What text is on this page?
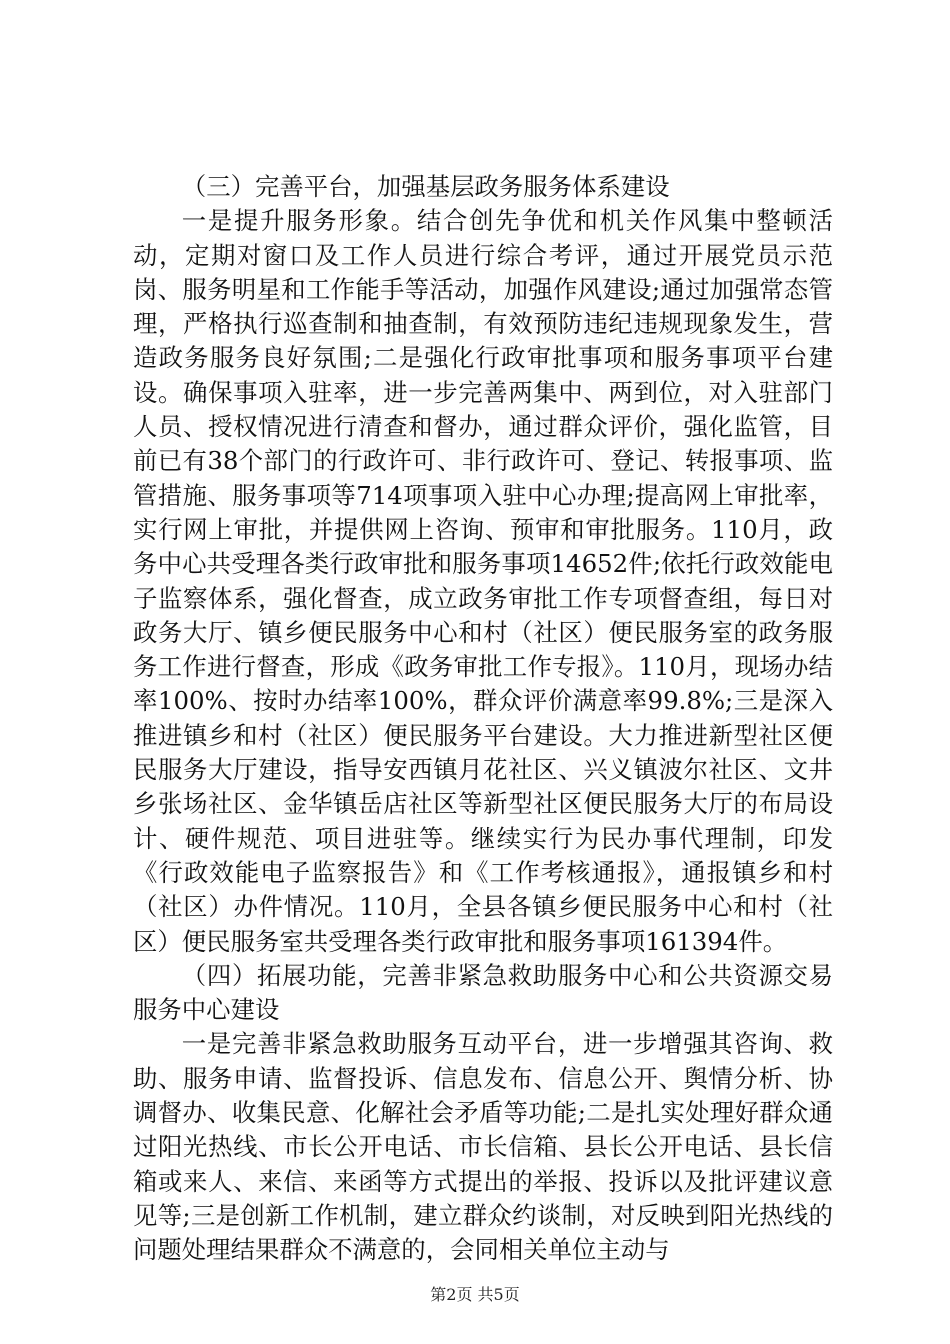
（三）完善平台，加强基层政务服务体系建设

一是提升服务形象。结合创先争优和机关作风集中整顿活动，定期对窗口及工作人员进行综合考评，通过开展党员示范岗、服务明星和工作能手等活动，加强作风建设;通过加强常态管理，严格执行巡查制和抽查制，有效预防违纪违规现象发生，营造政务服务良好氛围;二是强化行政审批事项和服务事项平台建设。确保事项入驻率，进一步完善两集中、两到位，对入驻部门人员、授权情况进行清查和督办，通过群众评价，强化监管，目前已有38个部门的行政许可、非行政许可、登记、转报事项、监管措施、服务事项等714项事项入驻中心办理;提高网上审批率，实行网上审批，并提供网上咨询、预审和审批服务。110月，政务中心共受理各类行政审批和服务事项14652件;依托行政效能电子监察体系，强化督查，成立政务审批工作专项督查组，每日对政务大厅、镇乡便民服务中心和村（社区）便民服务室的政务服务工作进行督查，形成《政务审批工作专报》。110月，现场办结率100%、按时办结率100%，群众评价满意率99.8%;三是深入推进镇乡和村（社区）便民服务平台建设。大力推进新型社区便民服务大厅建设，指导安西镇月花社区、兴义镇波尔社区、文井乡张场社区、金华镇岳店社区等新型社区便民服务大厅的布局设计、硬件规范、项目进驻等。继续实行为民办事代理制，印发《行政效能电子监察报告》和《工作考核通报》，通报镇乡和村（社区）办件情况。110月，全县各镇乡便民服务中心和村（社区）便民服务室共受理各类行政审批和服务事项161394件。

（四）拓展功能，完善非紧急救助服务中心和公共资源交易服务中心建设

一是完善非紧急救助服务互动平台，进一步增强其咨询、救助、服务申请、监督投诉、信息发布、信息公开、舆情分析、协调督办、收集民意、化解社会矛盾等功能;二是扎实处理好群众通过阳光热线、市长公开电话、市长信箱、县长公开电话、县长信箱或来人、来信、来函等方式提出的举报、投诉以及批评建议意见等;三是创新工作机制，建立群众约谈制，对反映到阳光热线的问题处理结果群众不满意的，会同相关单位主动与

第2页 共5页
